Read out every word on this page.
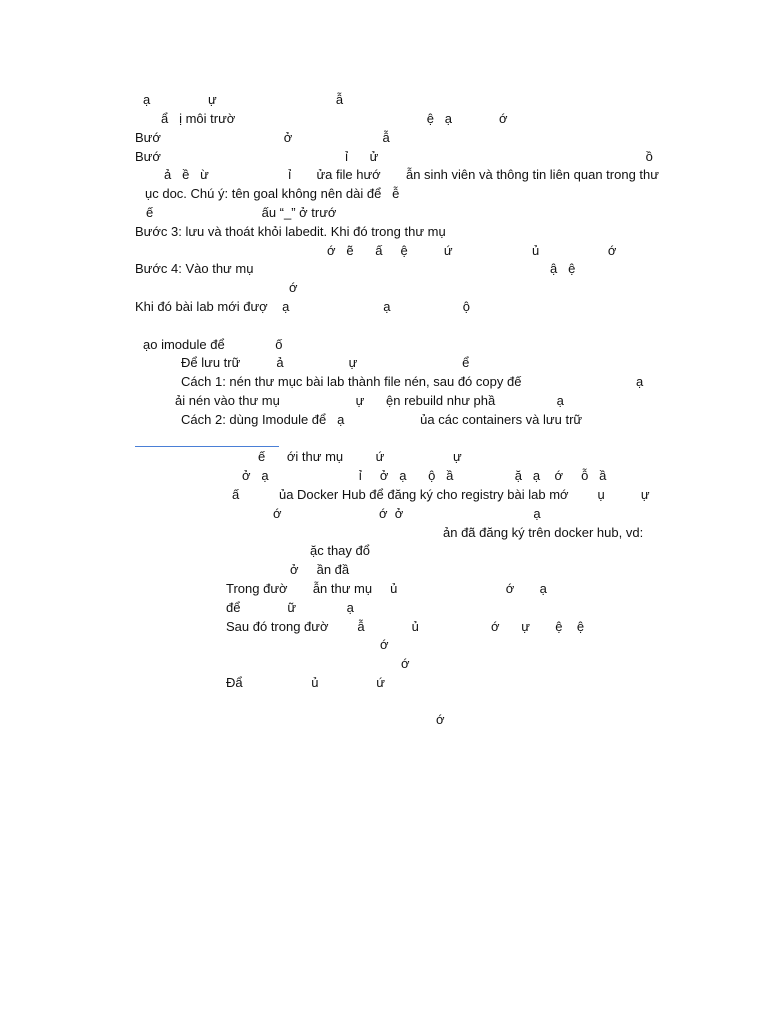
ạ                ự                                 ẫ
ẩ   ị môi trườ                                                     ệ   ạ             ớ
Bướ                                  ở                         ẫ
Bướ                                                   ỉ      ử                                                                          ồ
ả   ề   ừ                      ỉ       ửa file hướ       ẫn sinh viên và thông tin liên quan trong thư
ục doc. Chú ý: tên goal không nên dài để   ễ
ế                              ấu “_” ở trướ
Bước 3: lưu và thoát khỏi labedit. Khi đó trong thư mụ
ớ   ẽ      ấ     ệ          ứ                      ủ                   ớ
Bước 4: Vào thư mụ	ậ   ệ
ớ
Khi đó bài lab mới đượ    ạ                          ạ                    ộ
ạo imodule để              ố
Để lưu trữ          ả                  ự                             ể
Cách 1: nén thư mục bài lab thành file nén, sau đó copy đế	ạ
ải nén vào thư mụ                     ự      ện rebuild như phầ                 ạ
Cách 2: dùng Imodule để   ạ                     ủa các containers và lưu trữ
ế      ới thư mụ         ứ                   ự
ở   ạ                         ỉ     ở   ạ      ộ   ầ                 ặ   ạ    ớ     ỗ   ầ
ấ           ủa Docker Hub để đăng ký cho registry bài lab mớ        ụ          ự
ớ                           ớ  ở                                    ạ
ản đã đăng ký trên docker hub, vd:
ặc thay đổ
ở     ần đầ
Trong đườ       ẫn thư mụ     ủ                              ớ       ạ
để             ữ              ạ
Sau đó trong đườ        ẫ             ủ                    ớ      ự       ệ    ệ
ớ
ớ
Đẩ                   ủ                ứ
ớ
